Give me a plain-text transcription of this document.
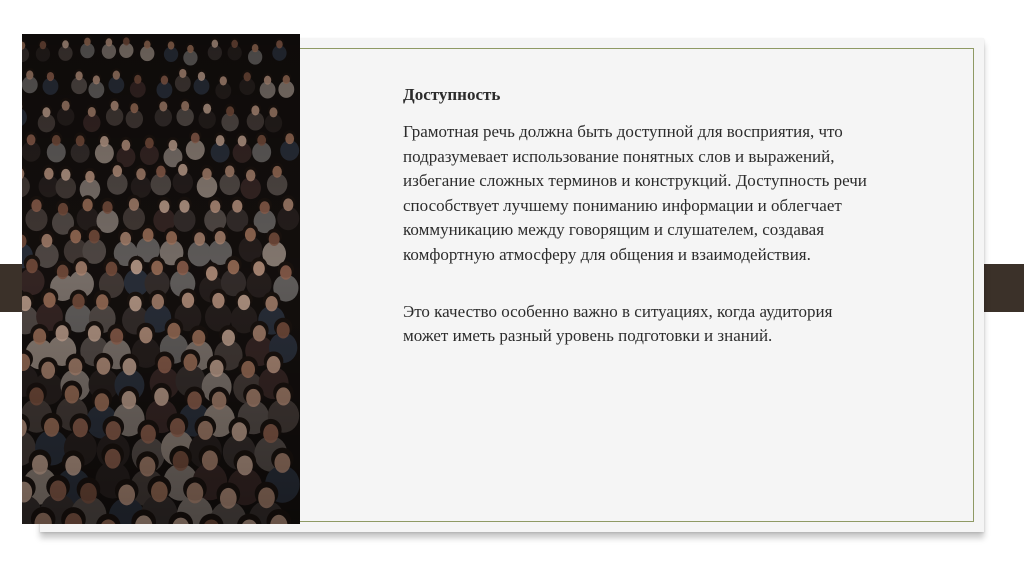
Доступность

Грамотная речь должна быть доступной для восприятия, что подразумевает использование понятных слов и выражений, избегание сложных терминов и конструкций. Доступность речи способствует лучшему пониманию информации и облегчает коммуникацию между говорящим и слушателем, создавая комфортную атмосферу для общения и взаимодействия.

Это качество особенно важно в ситуациях, когда аудитория может иметь разный уровень подготовки и знаний.
